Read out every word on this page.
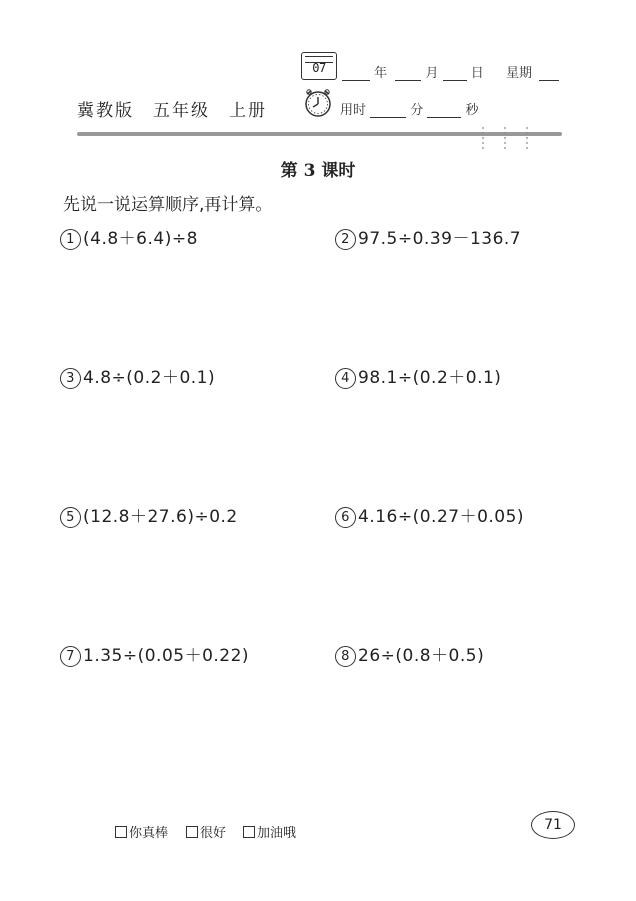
07	年	月 日 星期
冀教版　五年级　上册	用时	分	秒
第 3 课时
先说一说运算顺序,再计算。
1 (4.8＋6.4)÷8	2 97.5÷0.39－136.7
3 4.8÷(0.2＋0.1)	4 98.1÷(0.2＋0.1)
5 (12.8＋27.6)÷0.2	6 4.16÷(0.27＋0.05)
7 1.35÷(0.05＋0.22)	8 26÷(0.8＋0.5)
你真棒	很好	加油哦
71
